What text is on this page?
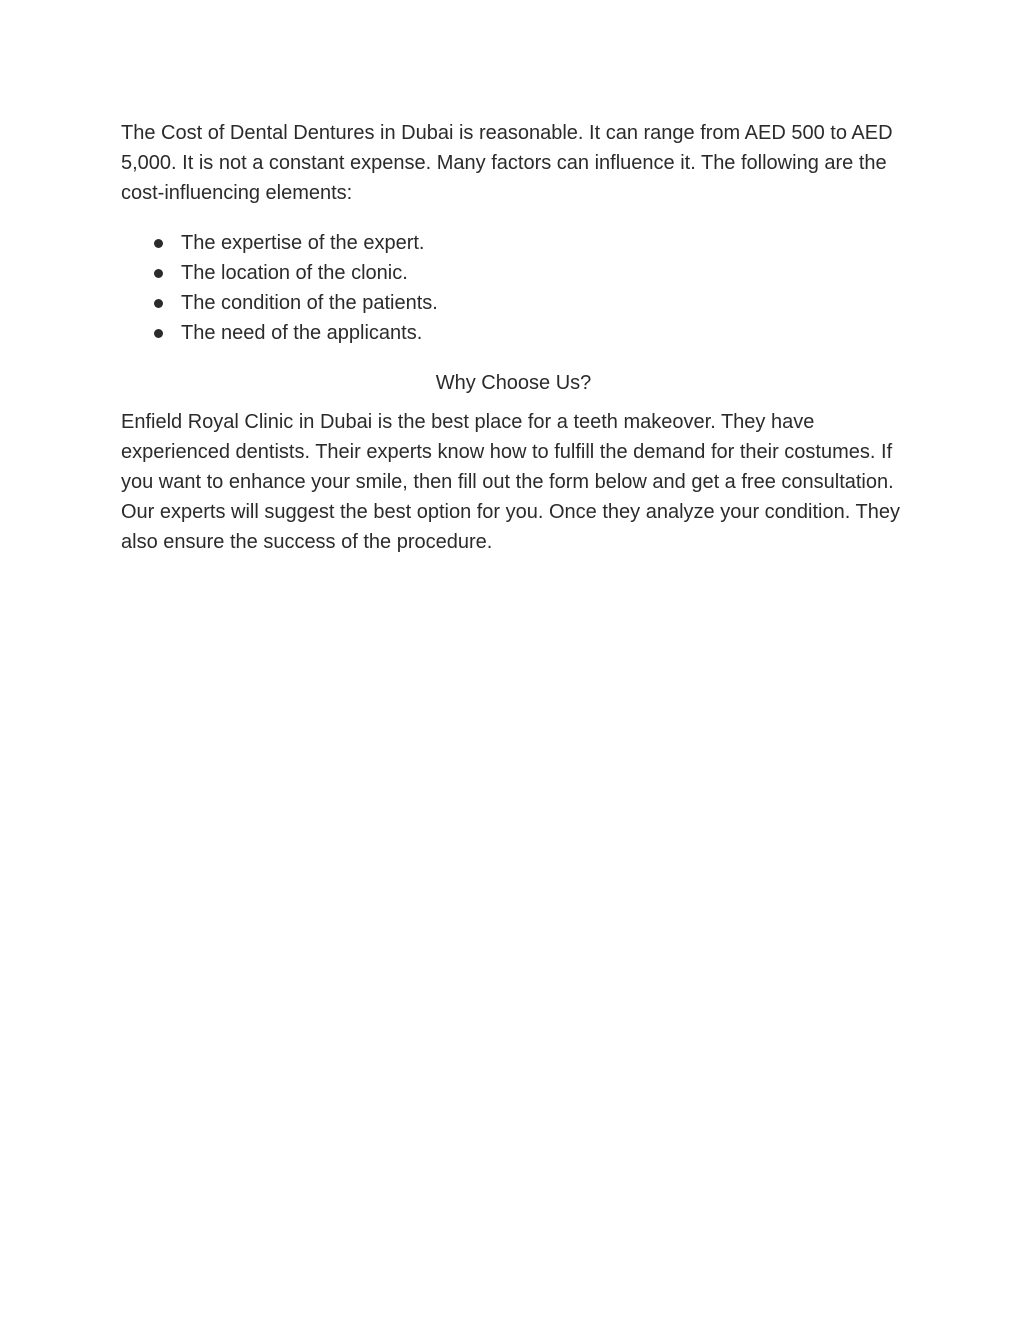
The Cost of Dental Dentures in Dubai is reasonable. It can range from AED 500 to AED 5,000. It is not a constant expense. Many factors can influence it. The following are the cost-influencing elements:

The expertise of the expert.
The location of the clonic.
The condition of the patients.
The need of the applicants.
Why Choose Us?

Enfield Royal Clinic in Dubai is the best place for a teeth makeover. They have experienced dentists. Their experts know how to fulfill the demand for their costumes. If you want to enhance your smile, then fill out the form below and get a free consultation. Our experts will suggest the best option for you. Once they analyze your condition. They also ensure the success of the procedure.
